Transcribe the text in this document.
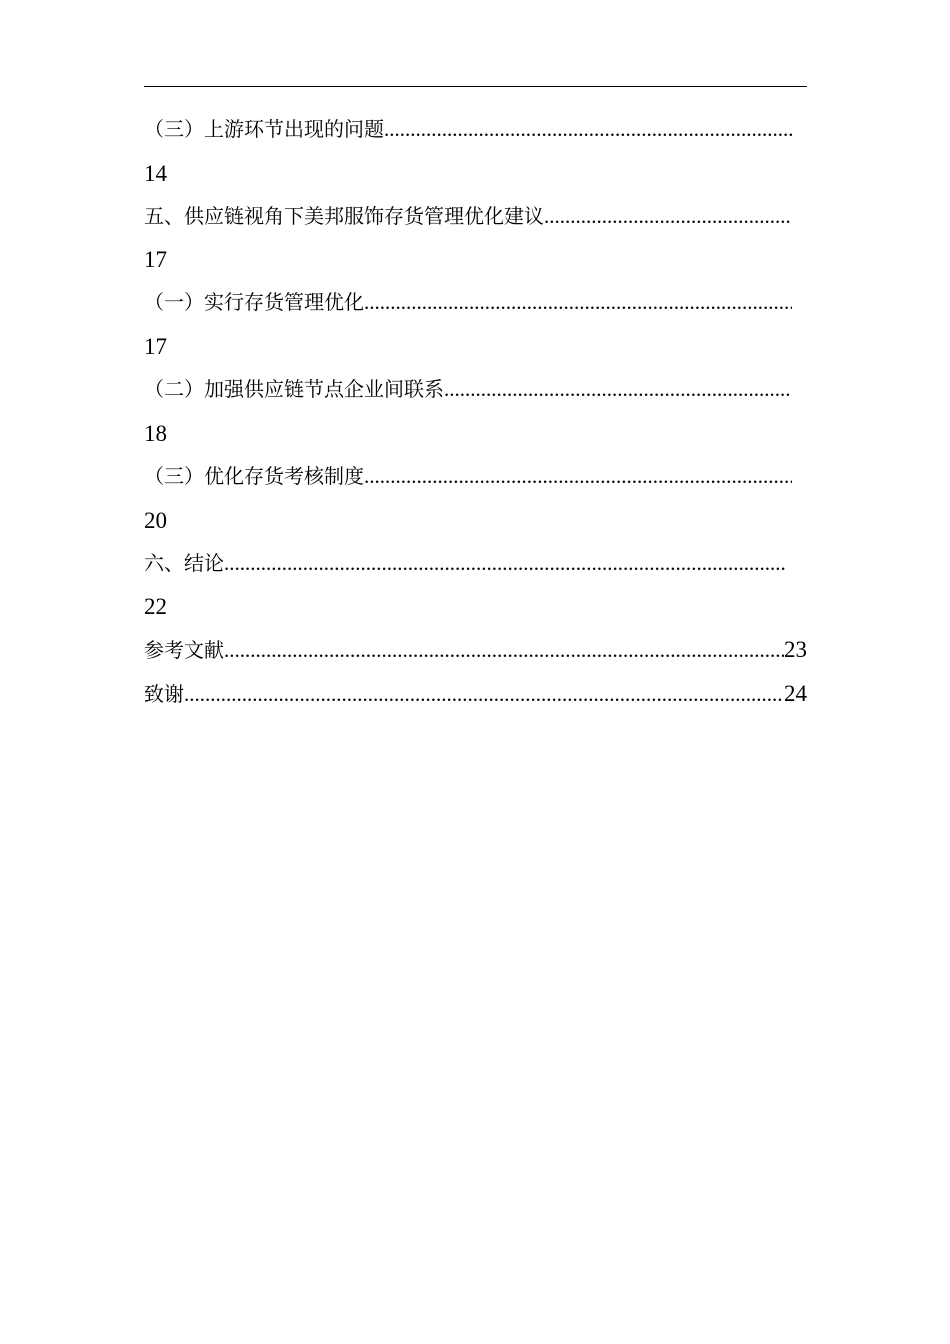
（三）上游环节出现的问题
.....
14
五、供应链视角下美邦服饰存货管理优化建议
.....
17
（一）实行存货管理优化
.....
17
（二）加强供应链节点企业间联系
.....
18
（三）优化存货考核制度
.....
20
六、结论
.....
22
参考文献 .....	23
致谢 .....	24
